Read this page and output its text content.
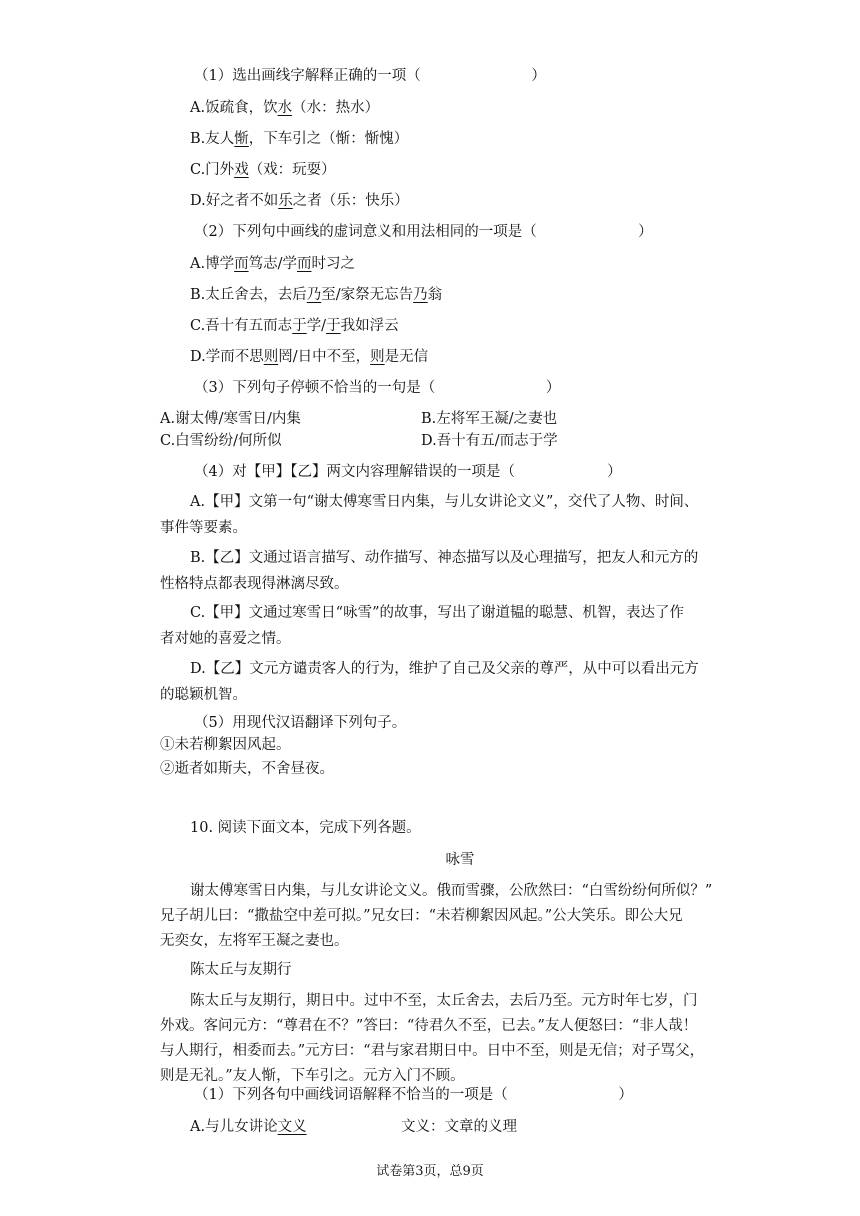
（1）选出画线字解释正确的一项（                        ）
A.饭疏食，饮水（水：热水）
B.友人惭，下车引之（惭：惭愧）
C.门外戏（戏：玩耍）
D.好之者不如乐之者（乐：快乐）
（2）下列句中画线的虚词意义和用法相同的一项是（                      ）
A.博学而笃志/学而时习之
B.太丘舍去，去后乃至/家祭无忘告乃翁
C.吾十有五而志于学/于我如浮云
D.学而不思则罔/日中不至，则是无信
（3）下列句子停顿不恰当的一句是（                        ）
A.谢太傅/寒雪日/内集	B.左将军王凝/之妻也
C.白雪纷纷/何所似	D.吾十有五/而志于学
（4）对【甲】【乙】两文内容理解错误的一项是（                    ）
A.【甲】文第一句“谢太傅寒雪日内集，与儿女讲论文义”，交代了人物、时间、
事件等要素。
B.【乙】文通过语言描写、动作描写、神态描写以及心理描写，把友人和元方的
性格特点都表现得淋漓尽致。
C.【甲】文通过寒雪日“咏雪”的故事，写出了谢道韫的聪慧、机智，表达了作
者对她的喜爱之情。
D.【乙】文元方谴责客人的行为，维护了自己及父亲的尊严，从中可以看出元方
的聪颖机智。
（5）用现代汉语翻译下列句子。
①未若柳絮因风起。
②逝者如斯夫，不舍昼夜。
10. 阅读下面文本，完成下列各题。
咏雪
谢太傅寒雪日内集，与儿女讲论文义。俄而雪骤，公欣然曰：“白雪纷纷何所似？”
兄子胡儿曰：“撒盐空中差可拟。”兄女曰：“未若柳絮因风起。”公大笑乐。即公大兄
无奕女，左将军王凝之妻也。
陈太丘与友期行
陈太丘与友期行，期日中。过中不至，太丘舍去，去后乃至。元方时年七岁，门
外戏。客问元方：“尊君在不？”答曰：“待君久不至，已去。”友人便怒曰：“非人哉！
与人期行，相委而去。”元方曰：“君与家君期日中。日中不至，则是无信；对子骂父，
则是无礼。”友人惭，下车引之。元方入门不顾。
（1）下列各句中画线词语解释不恰当的一项是（                        ）
A.与儿女讲论文义	文义：文章的义理
试卷第3页，总9页
